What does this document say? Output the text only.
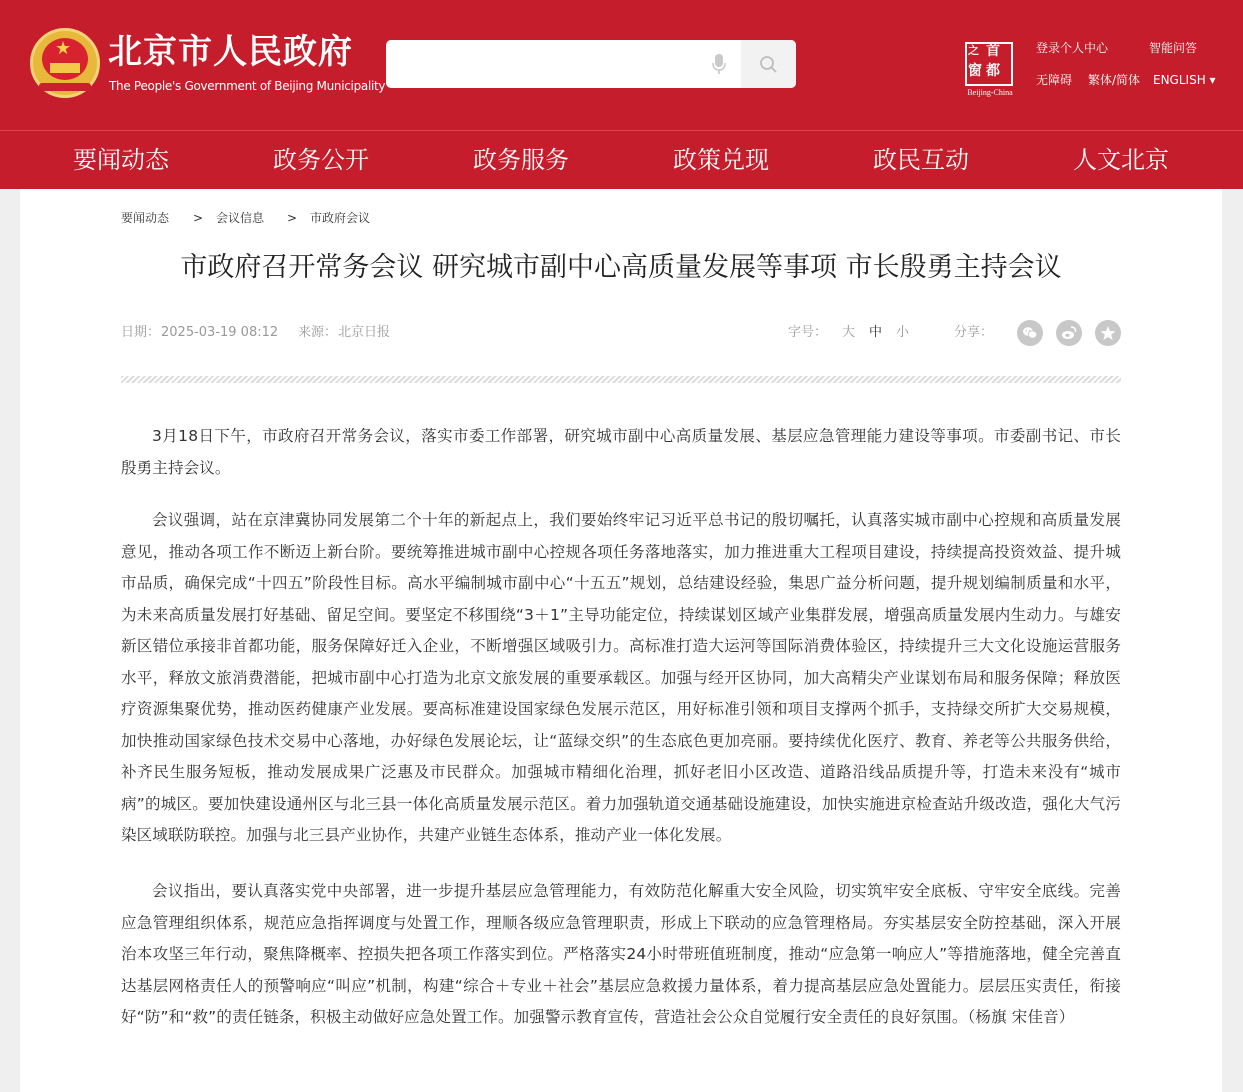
★ 北京市人民政府
The People's Government of Beijing Municipality
首
都
之
窗
Beijing-China
登录个人中心	智能问答
无障碍 繁体/简体 ENGLISH ▾
要闻动态	政务公开	政务服务	政策兑现	政民互动	人文北京
要闻动态 > 会议信息 > 市政府会议
市政府召开常务会议 研究城市副中心高质量发展等事项 市长殷勇主持会议
日期： 2025-03-19 08:12 来源： 北京日报	字号： 大 中 小	分享：

3月18日下午，市政府召开常务会议，落实市委工作部署，研究城市副中心高质量发展、基层应急管理能力建设等事项。市委副书记、市长殷勇主持会议。

会议强调，站在京津冀协同发展第二个十年的新起点上，我们要始终牢记习近平总书记的殷切嘱托，认真落实城市副中心控规和高质量发展意见，推动各项工作不断迈上新台阶。要统筹推进城市副中心控规各项任务落地落实，加力推进重大工程项目建设，持续提高投资效益、提升城市品质，确保完成“十四五”阶段性目标。高水平编制城市副中心“十五五”规划，总结建设经验，集思广益分析问题，提升规划编制质量和水平，为未来高质量发展打好基础、留足空间。要坚定不移围绕“3＋1”主导功能定位，持续谋划区域产业集群发展，增强高质量发展内生动力。与雄安新区错位承接非首都功能，服务保障好迁入企业，不断增强区域吸引力。高标准打造大运河等国际消费体验区，持续提升三大文化设施运营服务水平，释放文旅消费潜能，把城市副中心打造为北京文旅发展的重要承载区。加强与经开区协同，加大高精尖产业谋划布局和服务保障；释放医疗资源集聚优势，推动医药健康产业发展。要高标准建设国家绿色发展示范区，用好标准引领和项目支撑两个抓手，支持绿交所扩大交易规模，加快推动国家绿色技术交易中心落地，办好绿色发展论坛，让“蓝绿交织”的生态底色更加亮丽。要持续优化医疗、教育、养老等公共服务供给，补齐民生服务短板，推动发展成果广泛惠及市民群众。加强城市精细化治理，抓好老旧小区改造、道路沿线品质提升等，打造未来没有“城市病”的城区。要加快建设通州区与北三县一体化高质量发展示范区。着力加强轨道交通基础设施建设，加快实施进京检查站升级改造，强化大气污染区域联防联控。加强与北三县产业协作，共建产业链生态体系，推动产业一体化发展。

会议指出，要认真落实党中央部署，进一步提升基层应急管理能力，有效防范化解重大安全风险，切实筑牢安全底板、守牢安全底线。完善应急管理组织体系，规范应急指挥调度与处置工作，理顺各级应急管理职责，形成上下联动的应急管理格局。夯实基层安全防控基础，深入开展治本攻坚三年行动，聚焦降概率、控损失把各项工作落实到位。严格落实24小时带班值班制度，推动“应急第一响应人”等措施落地，健全完善直达基层网格责任人的预警响应“叫应”机制，构建“综合＋专业＋社会”基层应急救援力量体系，着力提高基层应急处置能力。层层压实责任，衔接好“防”和“救”的责任链条，积极主动做好应急处置工作。加强警示教育宣传，营造社会公众自觉履行安全责任的良好氛围。（杨旗 宋佳音）
